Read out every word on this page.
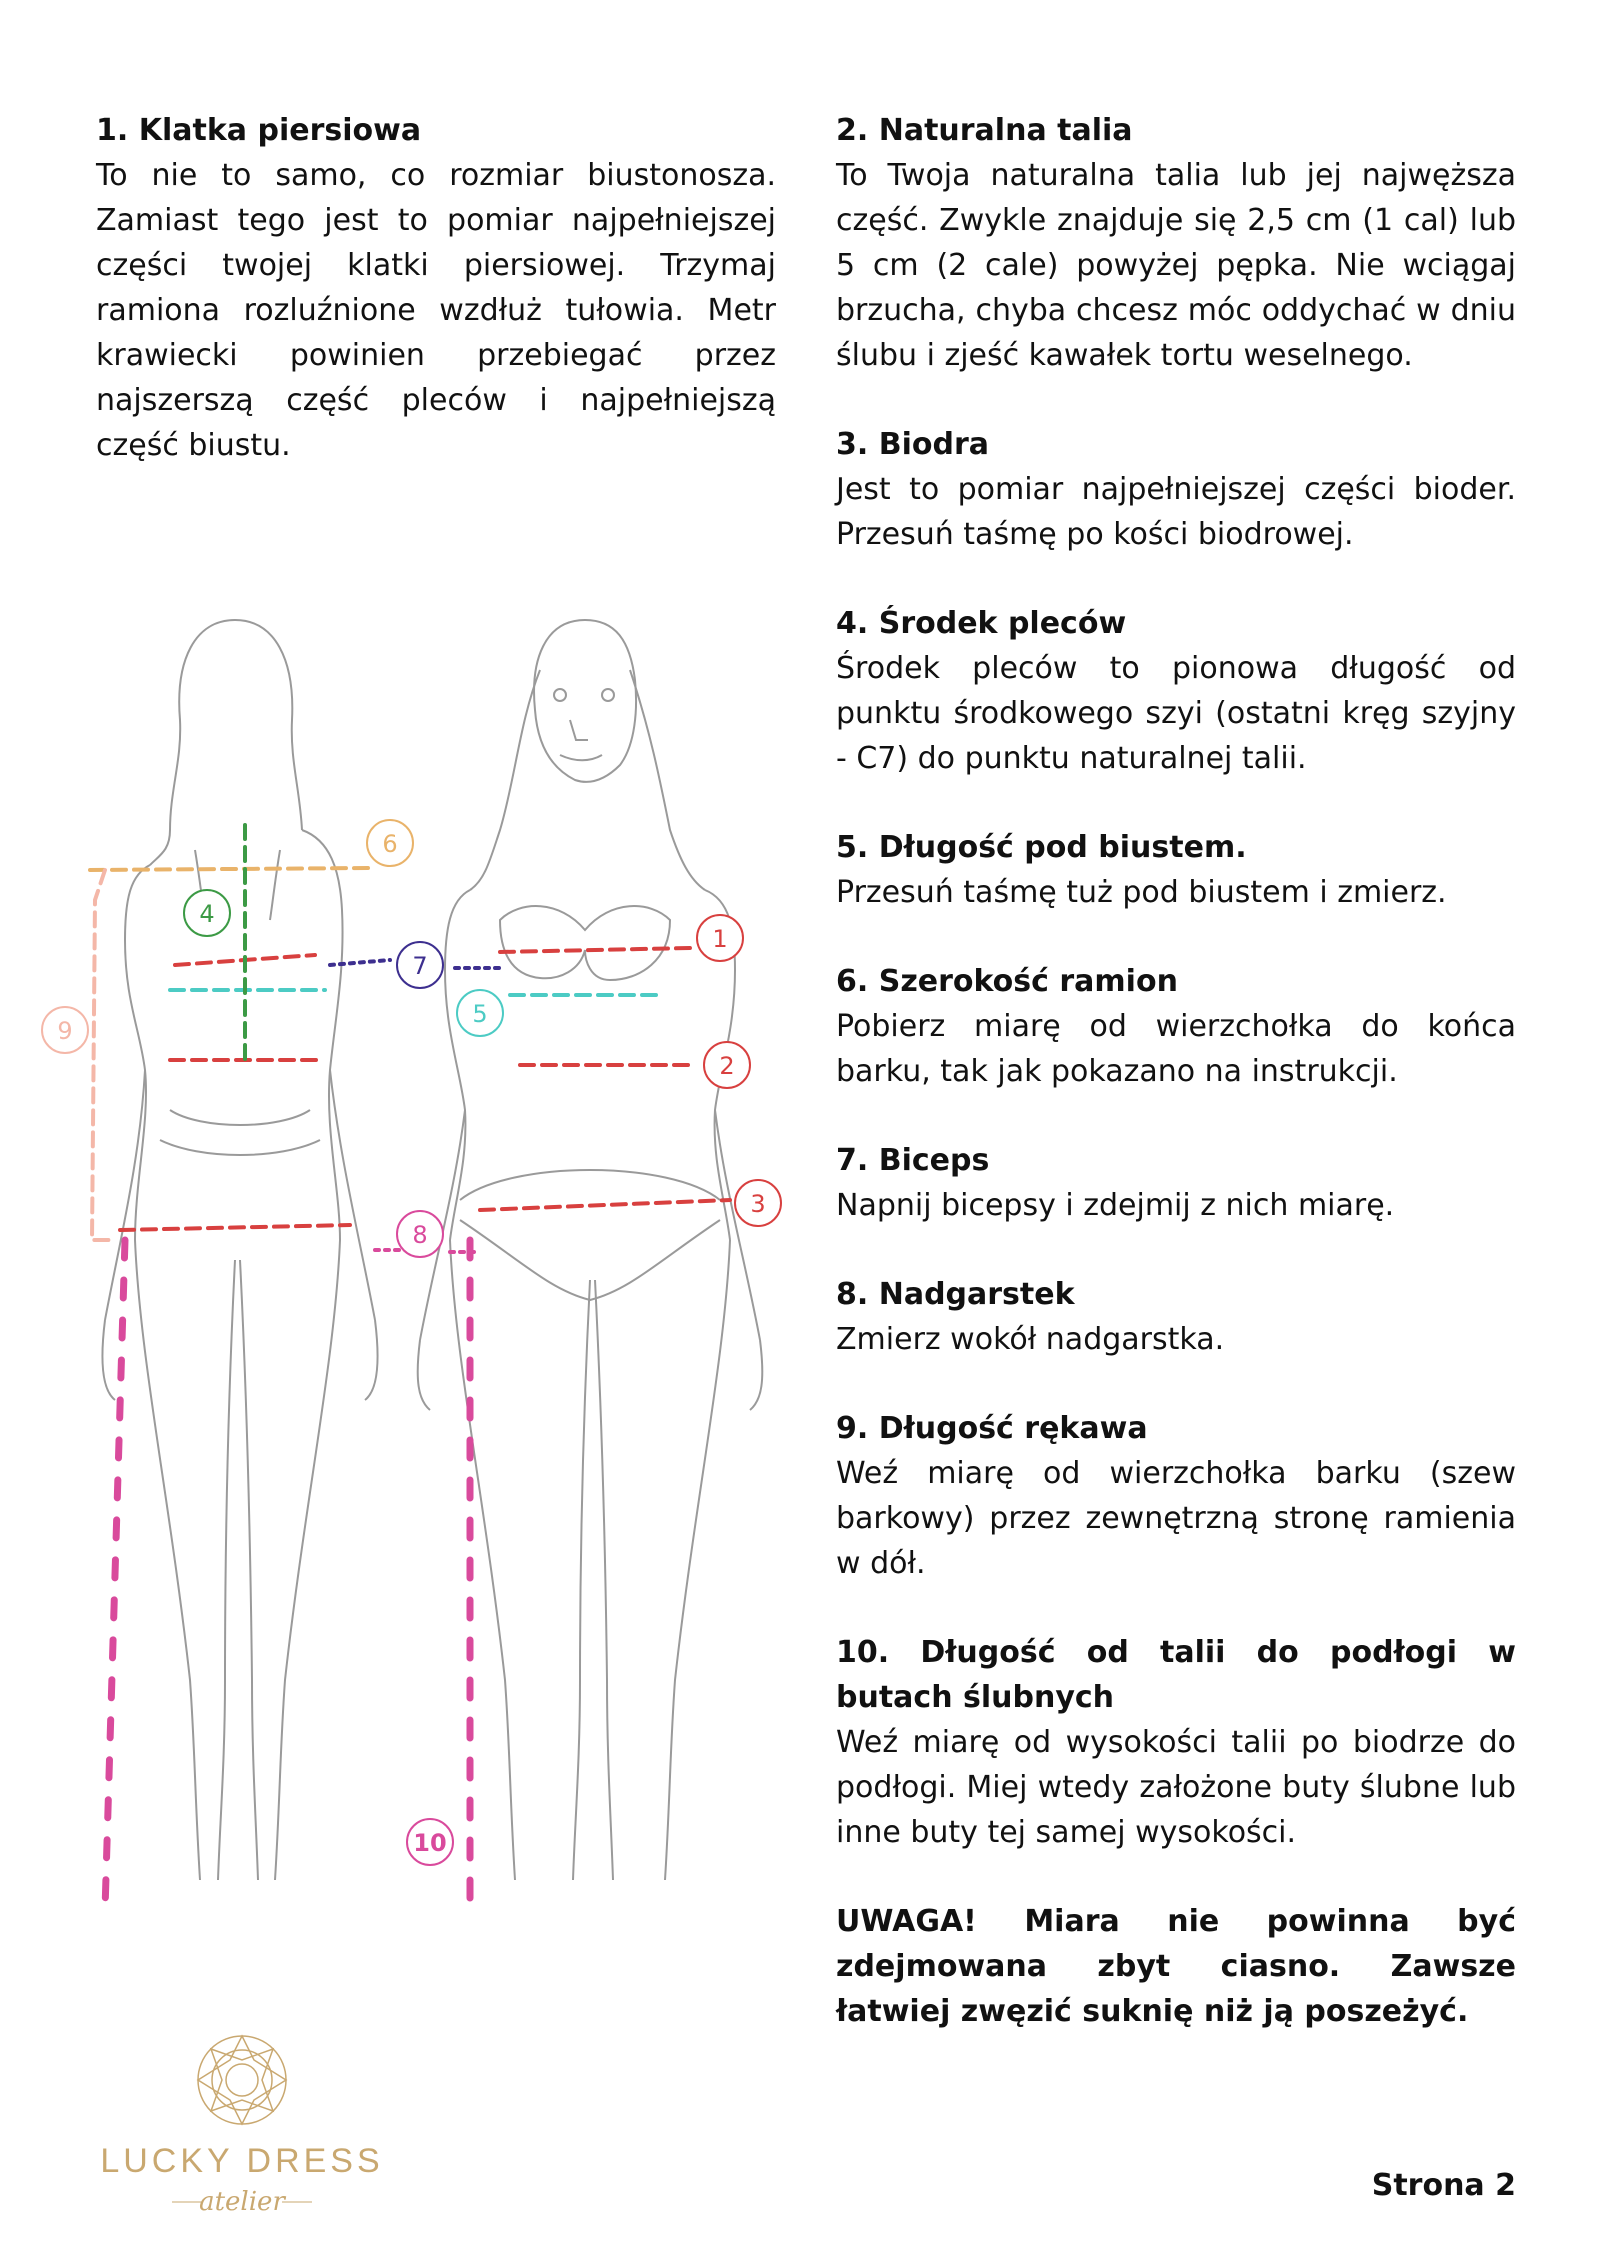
1. Klatka piersiowa

To nie to samo, co rozmiar biustonosza. Zamiast tego jest to pomiar najpełniejszej części twojej klatki piersiowej. Trzymaj ramiona rozluźnione wzdłuż tułowia. Metr krawiecki powinien przebiegać przez najszerszą część pleców i najpełniejszą część biustu.

2. Naturalna talia

To Twoja naturalna talia lub jej najwęższa część. Zwykle znajduje się 2,5 cm (1 cal) lub 5 cm (2 cale) powyżej pępka. Nie wciągaj brzucha, chyba chcesz móc oddychać w dniu ślubu i zjeść kawałek tortu weselnego.

3. Biodra

Jest to pomiar najpełniejszej części bioder. Przesuń taśmę po kości biodrowej.

4. Środek pleców

Środek pleców to pionowa długość od punktu środkowego szyi (ostatni kręg szyjny - C7) do punktu naturalnej talii.

5. Długość pod biustem.

Przesuń taśmę tuż pod biustem i zmierz.

6. Szerokość ramion

Pobierz miarę od wierzchołka do końca barku, tak jak pokazano na instrukcji.

7. Biceps

Napnij bicepsy i zdejmij z nich miarę.

8. Nadgarstek

Zmierz wokół nadgarstka.

9. Długość rękawa

Weź miarę od wierzchołka barku (szew barkowy) przez zewnętrzną stronę ramienia w dół.

10. Długość od talii do podłogi w butach ślubnych

Weź miarę od wysokości talii po biodrze do podłogi. Miej wtedy założone buty ślubne lub inne buty tej samej wysokości.

UWAGA! Miara nie powinna być zdejmowana zbyt ciasno. Zawsze łatwiej zwęzić suknię niż ją poszeżyć.

1
2
3
4
5
6
7
8
9
10
LUCKY DRESS
atelier	Strona 2
